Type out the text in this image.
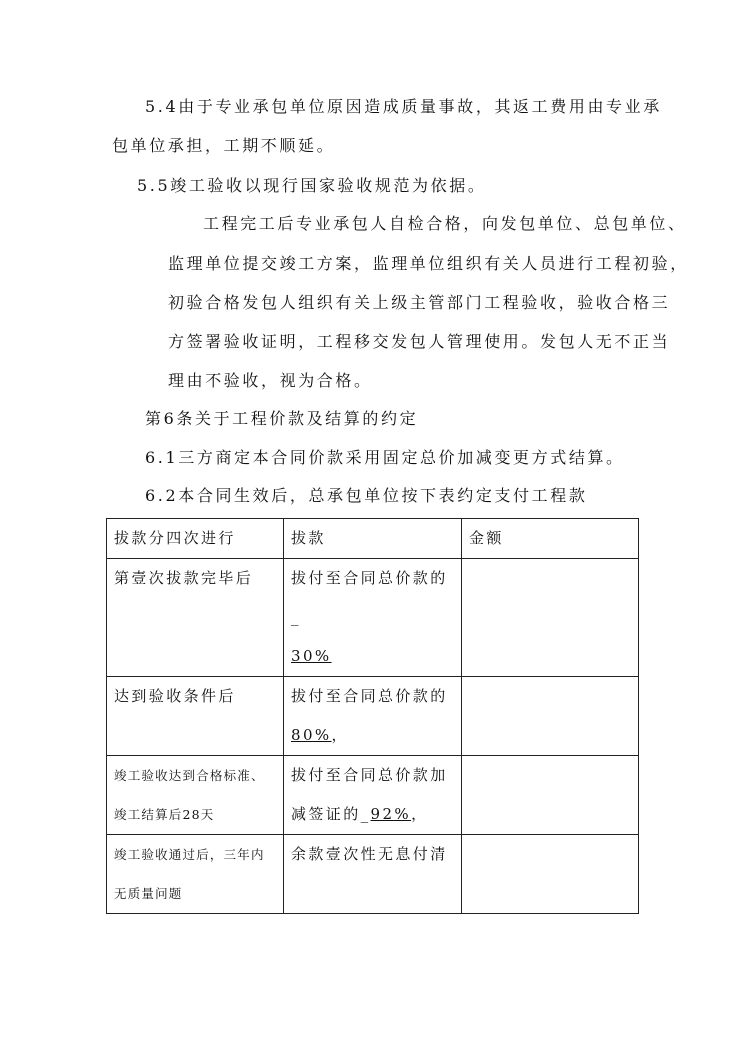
5.4由于专业承包单位原因造成质量事故，其返工费用由专业承
包单位承担，工期不顺延。
5.5竣工验收以现行国家验收规范为依据。
工程完工后专业承包人自检合格，向发包单位、总包单位、
监理单位提交竣工方案，监理单位组织有关人员进行工程初验，
初验合格发包人组织有关上级主管部门工程验收，验收合格三
方签署验收证明，工程移交发包人管理使用。发包人无不正当
理由不验收，视为合格。
第6条关于工程价款及结算的约定
6.1三方商定本合同价款采用固定总价加减变更方式结算。
6.2本合同生效后，总承包单位按下表约定支付工程款
拔款分四次进行	拔款	金额
第壹次拔款完毕后	拔付至合同总价款的_
30%	
达到验收条件后	拔付至合同总价款的
80%，	
竣工验收达到合格标准、竣工结算后28天	拔付至合同总价款加减签证的_92%，	
竣工验收通过后，三年内无质量问题	余款壹次性无息付清	
